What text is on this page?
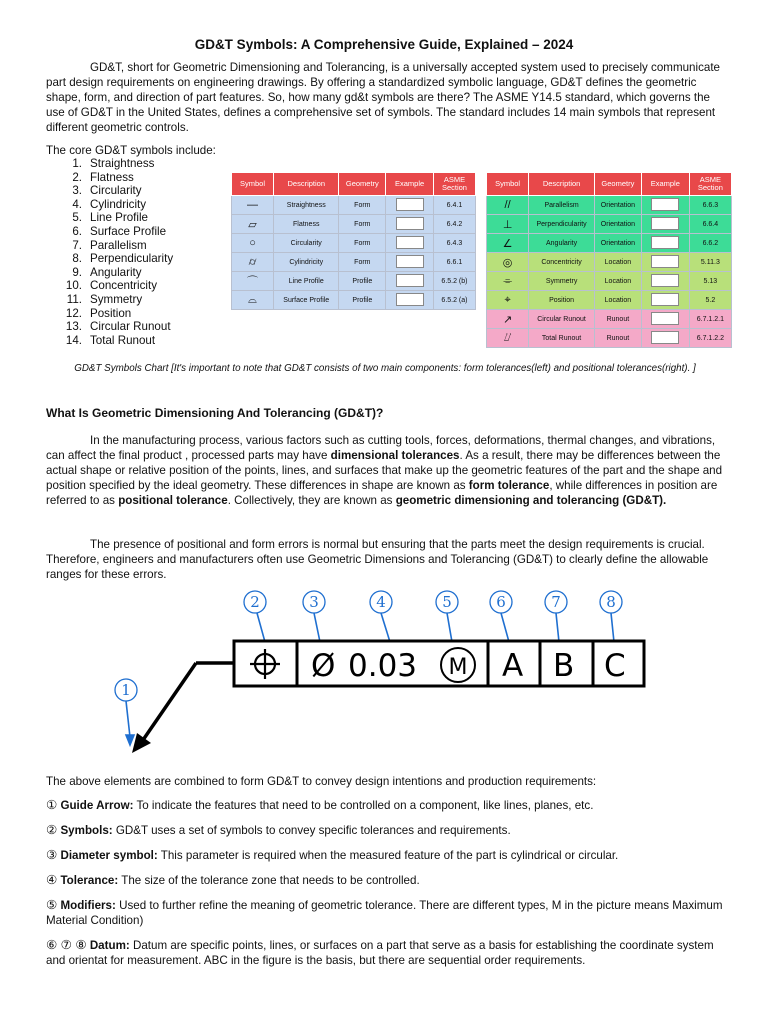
GD&T Symbols: A Comprehensive Guide, Explained – 2024

GD&T, short for Geometric Dimensioning and Tolerancing, is a universally accepted system used to precisely communicate part design requirements on engineering drawings. By offering a standardized symbolic language, GD&T defines the geometric shape, form, and direction of part features. So, how many gd&t symbols are there? The ASME Y14.5 standard, which governs the use of GD&T in the United States, defines a comprehensive set of symbols. The standard includes 14 main symbols that represent different geometric controls.

The core GD&T symbols include:
1. Straightness
2. Flatness
3. Circularity
4. Cylindricity
5. Line Profile
6. Surface Profile
7. Parallelism
8. Perpendicularity
9. Angularity
10. Concentricity
11. Symmetry
12. Position
13. Circular Runout
14. Total Runout
Symbol	Description	Geometry	Example	ASME Section
—	Straightness	Form		6.4.1
▱	Flatness	Form		6.4.2
○	Circularity	Form		6.4.3
⌭	Cylindricity	Form		6.6.1
⌒	Line Profile	Profile		6.5.2 (b)
⌓	Surface Profile	Profile		6.5.2 (a)
Symbol	Description	Geometry	Example	ASME Section
//	Parallelism	Orientation		6.6.3
⊥	Perpendicularity	Orientation		6.6.4
∠	Angularity	Orientation		6.6.2
◎	Concentricity	Location		5.11.3
⌯	Symmetry	Location		5.13
⌖	Position	Location		5.2
↗	Circular Runout	Runout		6.7.1.2.1
⌰	Total Runout	Runout		6.7.1.2.2
GD&T Symbols Chart [It's important to note that GD&T consists of two main components: form tolerances(left) and positional tolerances(right). ]
What Is Geometric Dimensioning And Tolerancing (GD&T)?

In the manufacturing process, various factors such as cutting tools, forces, deformations, thermal changes, and vibrations, can affect the final product , processed parts may have dimensional tolerances. As a result, there may be differences between the actual shape or relative position of the points, lines, and surfaces that make up the geometric features of the part and the shape and position specified by the ideal geometry. These differences in shape are known as form tolerance, while differences in position are referred to as positional tolerance. Collectively, they are known as geometric dimensioning and tolerancing (GD&T).

The presence of positional and form errors is normal but ensuring that the parts meet the design requirements is crucial. Therefore, engineers and manufacturers often use Geometric Dimensions and Tolerancing (GD&T) to clearly define the allowable ranges for these errors.

1
2	3	4	5	6	7	8
Ø 0.03	A B C
M

The above elements are combined to form GD&T to convey design intentions and production requirements:

① Guide Arrow: To indicate the features that need to be controlled on a component, like lines, planes, etc.

② Symbols: GD&T uses a set of symbols to convey specific tolerances and requirements.

③ Diameter symbol: This parameter is required when the measured feature of the part is cylindrical or circular.

④ Tolerance: The size of the tolerance zone that needs to be controlled.

⑤ Modifiers: Used to further refine the meaning of geometric tolerance. There are different types, M in the picture means Maximum Material Condition)

⑥ ⑦ ⑧ Datum: Datum are specific points, lines, or surfaces on a part that serve as a basis for establishing the coordinate system and orientat for measurement. ABC in the figure is the basis, but there are sequential order requirements.
